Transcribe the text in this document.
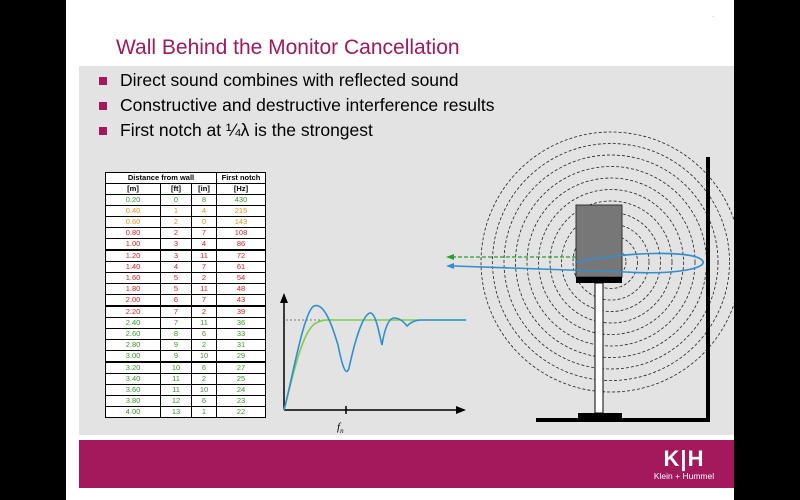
Wall Behind the Monitor Cancellation
·
Direct sound combines with reflected sound
Constructive and destructive interference results
First notch at ¼λ is the strongest
Distance from wall			First notch
[m]	[ft]	[in]	[Hz]
0.20	0	8	430
0.40	1	4	215
0.60	2	0	143
0.80	2	7	108
1.00	3	4	86
1.20	3	11	72
1.40	4	7	61
1.60	5	2	54
1.80	5	11	48
2.00	6	7	43
2.20	7	2	39
2.40	7	11	36
2.60	8	6	33
2.80	9	2	31
3.00	9	10	29
3.20	10	6	27
3.40	11	2	25
3.60	11	10	24
3.80	12	6	23
4.00	13	1	22
$f_n$
K|H
Klein + Hummel
